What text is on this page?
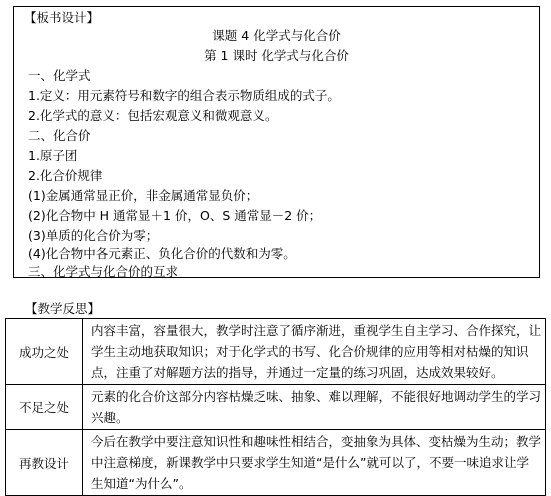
【板书设计】
课题 4 化学式与化合价
第 1 课时 化学式与化合价
一、化学式
1.定义：用元素符号和数字的组合表示物质组成的式子。
2.化学式的意义：包括宏观意义和微观意义。
二、化合价
1.原子团
2.化合价规律
(1)金属通常显正价，非金属通常显负价；
(2)化合物中 H 通常显＋1 价，O、S 通常显－2 价；
(3)单质的化合价为零；
(4)化合物中各元素正、负化合价的代数和为零。
三、化学式与化合价的互求
【教学反思】
成功之处	内容丰富，容量很大，教学时注意了循序渐进，重视学生自主学习、合作探究，让学生主动地获取知识；对于化学式的书写、化合价规律的应用等相对枯燥的知识点，注重了对解题方法的指导，并通过一定量的练习巩固，达成效果较好。
不足之处	元素的化合价这部分内容枯燥乏味、抽象、难以理解，不能很好地调动学生的学习兴趣。
再教设计	今后在教学中要注意知识性和趣味性相结合，变抽象为具体、变枯燥为生动；教学中注意梯度，新课教学中只要求学生知道“是什么”就可以了，不要一味追求让学生知道“为什么”。
